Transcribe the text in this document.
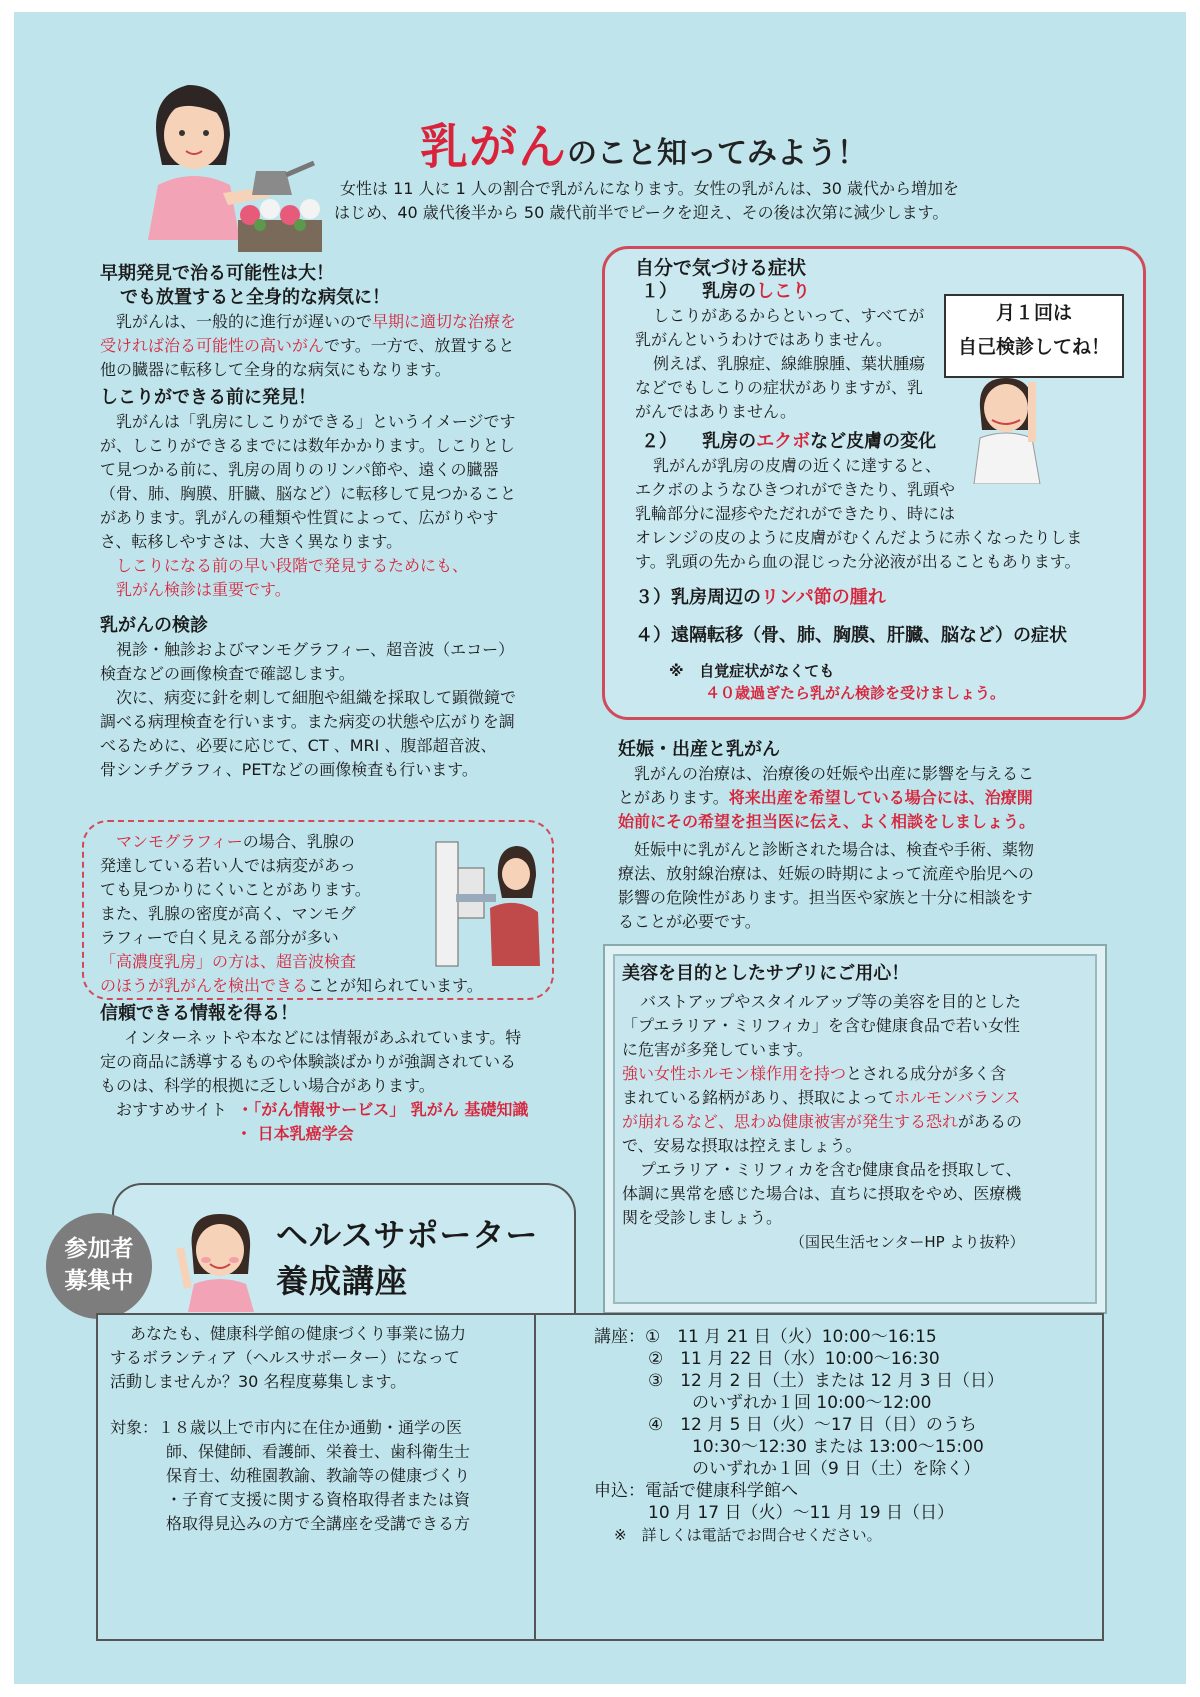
乳がんのこと知ってみよう！

女性は 11 人に 1 人の割合で乳がんになります。女性の乳がんは、30 歳代から増加を

はじめ、40 歳代後半から 50 歳代前半でピークを迎え、その後は次第に減少します。

早期発見で治る可能性は大！

でも放置すると全身的な病気に！

乳がんは、一般的に進行が遅いので早期に適切な治療を

受ければ治る可能性の高いがんです。一方で、放置すると

他の臓器に転移して全身的な病気にもなります。

しこりができる前に発見！

乳がんは「乳房にしこりができる」というイメージです

が、しこりができるまでには数年かかります。しこりとし

て見つかる前に、乳房の周りのリンパ節や、遠くの臓器

（骨、肺、胸膜、肝臓、脳など）に転移して見つかること

があります。乳がんの種類や性質によって、広がりやす

さ、転移しやすさは、大きく異なります。

しこりになる前の早い段階で発見するためにも、

乳がん検診は重要です。

乳がんの検診

視診・触診およびマンモグラフィー、超音波（エコー）

検査などの画像検査で確認します。

次に、病変に針を刺して細胞や組織を採取して顕微鏡で

調べる病理検査を行います。また病変の状態や広がりを調

べるために、必要に応じて、CT 、MRI 、腹部超音波、

骨シンチグラフィ、PETなどの画像検査も行います。

マンモグラフィーの場合、乳腺の

発達している若い人では病変があっ

ても見つかりにくいことがあります。

また、乳腺の密度が高く、マンモグ

ラフィーで白く見える部分が多い

「高濃度乳房」の方は、超音波検査

のほうが乳がんを検出できることが知られています。

信頼できる情報を得る！

インターネットや本などには情報があふれています。特

定の商品に誘導するものや体験談ばかりが強調されている

ものは、科学的根拠に乏しい場合があります。

おすすめサイト ・「がん情報サービス」 乳がん 基礎知識

・ 日本乳癌学会

自分で気づける症状

１） 乳房のしこり

しこりがあるからといって、すべてが

乳がんというわけではありません。

例えば、乳腺症、線維腺腫、葉状腫瘍

などでもしこりの症状がありますが、乳

がんではありません。

２） 乳房のエクボなど皮膚の変化

乳がんが乳房の皮膚の近くに達すると、

エクボのようなひきつれができたり、乳頭や

乳輪部分に湿疹やただれができたり、時には

オレンジの皮のように皮膚がむくんだように赤くなったりしま

す。乳頭の先から血の混じった分泌液が出ることもあります。

３）乳房周辺のリンパ節の腫れ

４）遠隔転移（骨、肺、胸膜、肝臓、脳など）の症状

※ 自覚症状がなくても

４０歳過ぎたら乳がん検診を受けましょう。

月１回は

自己検診してね！

妊娠・出産と乳がん

乳がんの治療は、治療後の妊娠や出産に影響を与えるこ

とがあります。将来出産を希望している場合には、治療開

始前にその希望を担当医に伝え、よく相談をしましょう。

妊娠中に乳がんと診断された場合は、検査や手術、薬物

療法、放射線治療は、妊娠の時期によって流産や胎児への

影響の危険性があります。担当医や家族と十分に相談をす

ることが必要です。

美容を目的としたサプリにご用心！

バストアップやスタイルアップ等の美容を目的とした

「プエラリア・ミリフィカ」を含む健康食品で若い女性

に危害が多発しています。

強い女性ホルモン様作用を持つとされる成分が多く含

まれている銘柄があり、摂取によってホルモンバランス

が崩れるなど、思わぬ健康被害が発生する恐れがあるの

で、安易な摂取は控えましょう。

プエラリア・ミリフィカを含む健康食品を摂取して、

体調に異常を感じた場合は、直ちに摂取をやめ、医療機

関を受診しましょう。

（国民生活センターHP より抜粋）

参加者

募集中

ヘルスサポーター

養成講座

あなたも、健康科学館の健康づくり事業に協力

するボランティア（ヘルスサポーター）になって

活動しませんか？30 名程度募集します。

対象：１８歳以上で市内に在住か通勤・通学の医

師、保健師、看護師、栄養士、歯科衛生士

保育士、幼稚園教諭、教諭等の健康づくり

・子育て支援に関する資格取得者または資

格取得見込みの方で全講座を受講できる方

講座：①　11 月 21 日（火）10:00～16:15

②　11 月 22 日（水）10:00～16:30

③　12 月 2 日（土）または 12 月 3 日（日）

のいずれか１回 10:00～12:00

④　12 月 5 日（火）～17 日（日）のうち

10:30～12:30 または 13:00～15:00

のいずれか１回（9 日（土）を除く）

申込：電話で健康科学館へ

10 月 17 日（火）～11 月 19 日（日）

※　詳しくは電話でお問合せください。
